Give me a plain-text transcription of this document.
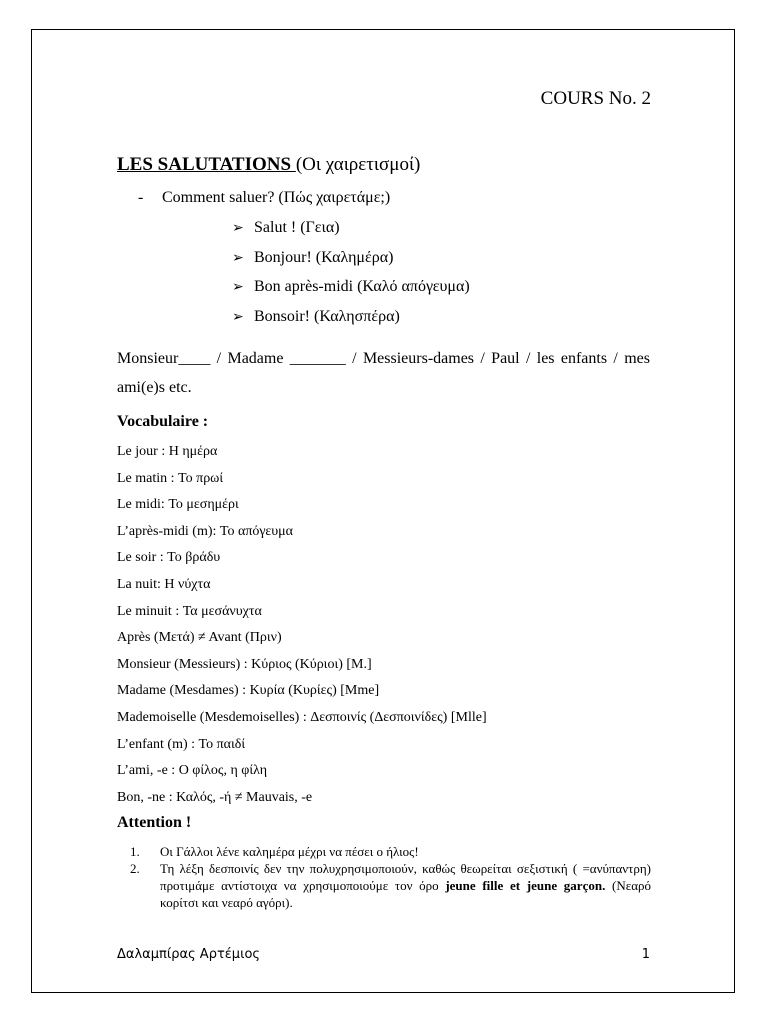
COURS No. 2
LES SALUTATIONS (Οι χαιρετισμοί)
- Comment saluer? (Πώς χαιρετάμε;)
➢ Salut ! (Γεια)
➢ Bonjour! (Καλημέρα)
➢ Bon après-midi (Καλό απόγευμα)
➢ Bonsoir! (Καλησπέρα)
Monsieur____ / Madame _______ / Messieurs-dames / Paul / les enfants / mes ami(e)s etc.
Vocabulaire :
Le jour : Η ημέρα
Le matin : Το πρωί
Le midi: Το μεσημέρι
L’après-midi (m): Το απόγευμα
Le soir : Το βράδυ
La nuit: Η νύχτα
Le minuit : Τα μεσάνυχτα
Après (Μετά) ≠ Avant (Πριν)
Monsieur (Messieurs) : Κύριος (Κύριοι) [M.]
Madame (Mesdames) : Κυρία (Κυρίες) [Mme]
Mademoiselle (Mesdemoiselles) : Δεσποινίς (Δεσποινίδες) [Mlle]
L’enfant (m) : Το παιδί
L’ami, -e : Ο φίλος, η φίλη
Bon, -ne : Καλός, -ή ≠ Mauvais, -e
Attention !
1.	Οι Γάλλοι λένε καλημέρα μέχρι να πέσει ο ήλιος!
2.	Τη λέξη δεσποινίς δεν την πολυχρησιμοποιούν, καθώς θεωρείται σεξιστική ( =ανύπαντρη) προτιμάμε αντίστοιχα να χρησιμοποιούμε τον όρο jeune fille et jeune garçon. (Νεαρό κορίτσι και νεαρό αγόρι).
Δαλαμπίρας Αρτέμιος	1
